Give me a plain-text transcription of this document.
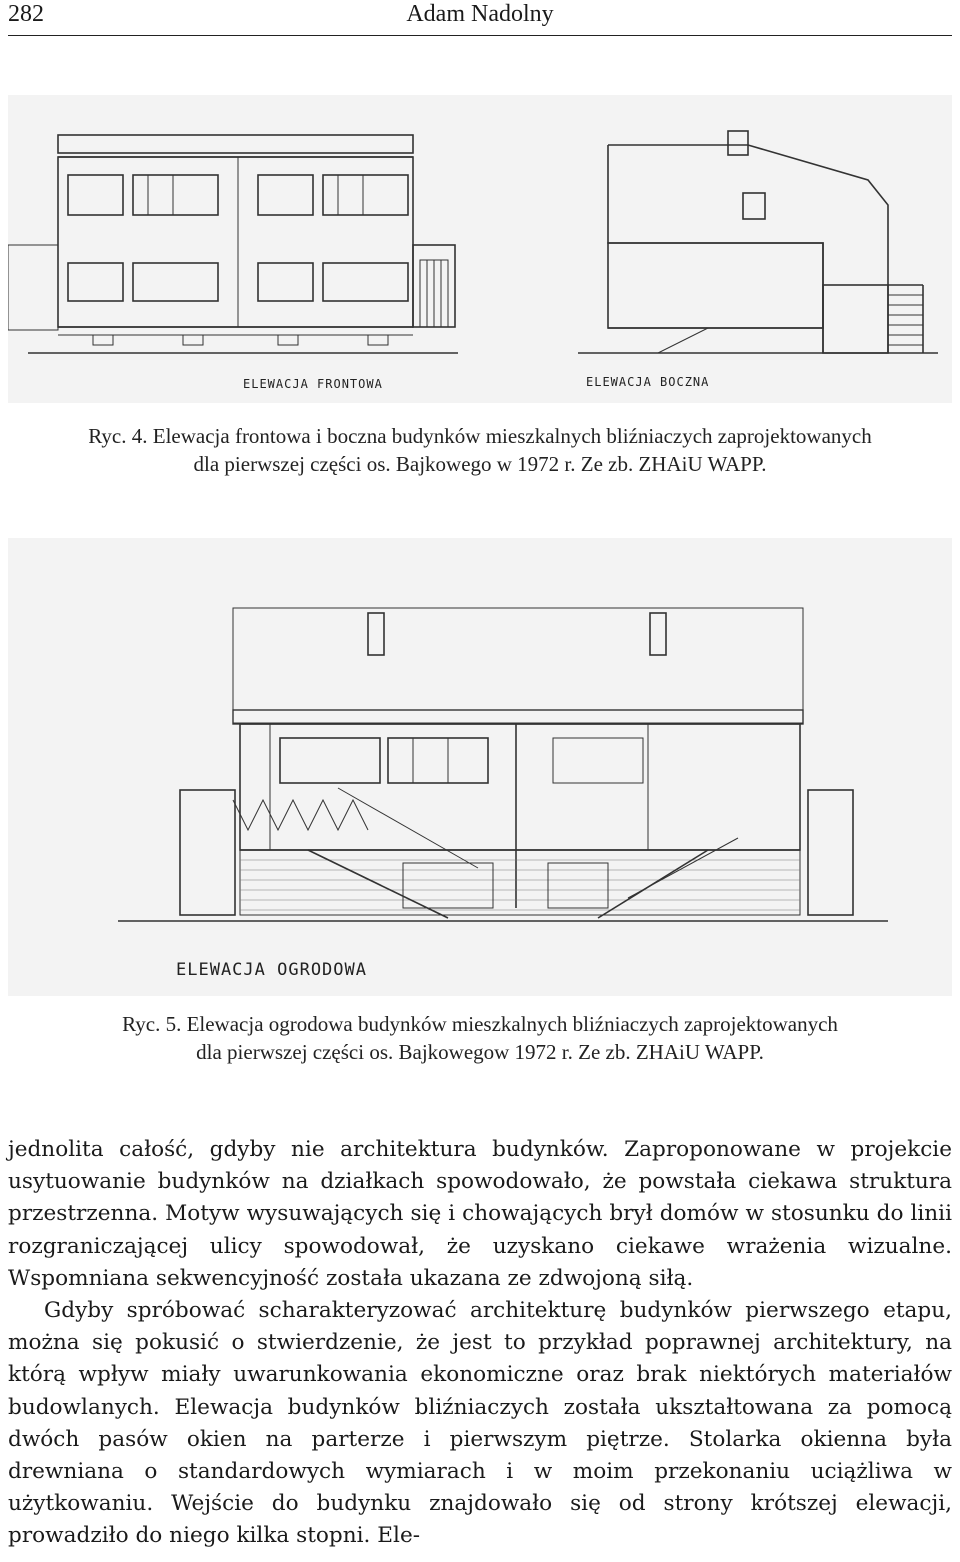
282	Adam Nadolny
ELEWACJA FRONTOWA	ELEWACJA BOCZNA
Ryc. 4. Elewacja frontowa i boczna budynków mieszkalnych bliźniaczych zaprojektowanych
dla pierwszej części os. Bajkowego w 1972 r. Ze zb. ZHAiU WAPP.
ELEWACJA OGRODOWA
Ryc. 5. Elewacja ogrodowa budynków mieszkalnych bliźniaczych zaprojektowanych
dla pierwszej części os. Bajkowegow 1972 r. Ze zb. ZHAiU WAPP.

jednolita całość, gdyby nie architektura budynków. Zaproponowane w projekcie usytuowanie budynków na działkach spowodowało, że powstała ciekawa struktura przestrzenna. Motyw wysuwających się i chowających brył domów w stosunku do linii rozgraniczającej ulicy spowodował, że uzyskano ciekawe wrażenia wizualne. Wspomniana sekwencyjność została ukazana ze zdwojoną siłą.

Gdyby spróbować scharakteryzować architekturę budynków pierwszego etapu, można się pokusić o stwierdzenie, że jest to przykład poprawnej architektury, na którą wpływ miały uwarunkowania ekonomiczne oraz brak niektórych materiałów budowlanych. Elewacja budynków bliźniaczych została ukształtowana za pomocą dwóch pasów okien na parterze i pierwszym piętrze. Stolarka okienna była drewniana o standardowych wymiarach i w moim przekonaniu uciążliwa w użytkowaniu. Wejście do budynku znajdowało się od strony krótszej elewacji, prowadziło do niego kilka stopni. Ele-
